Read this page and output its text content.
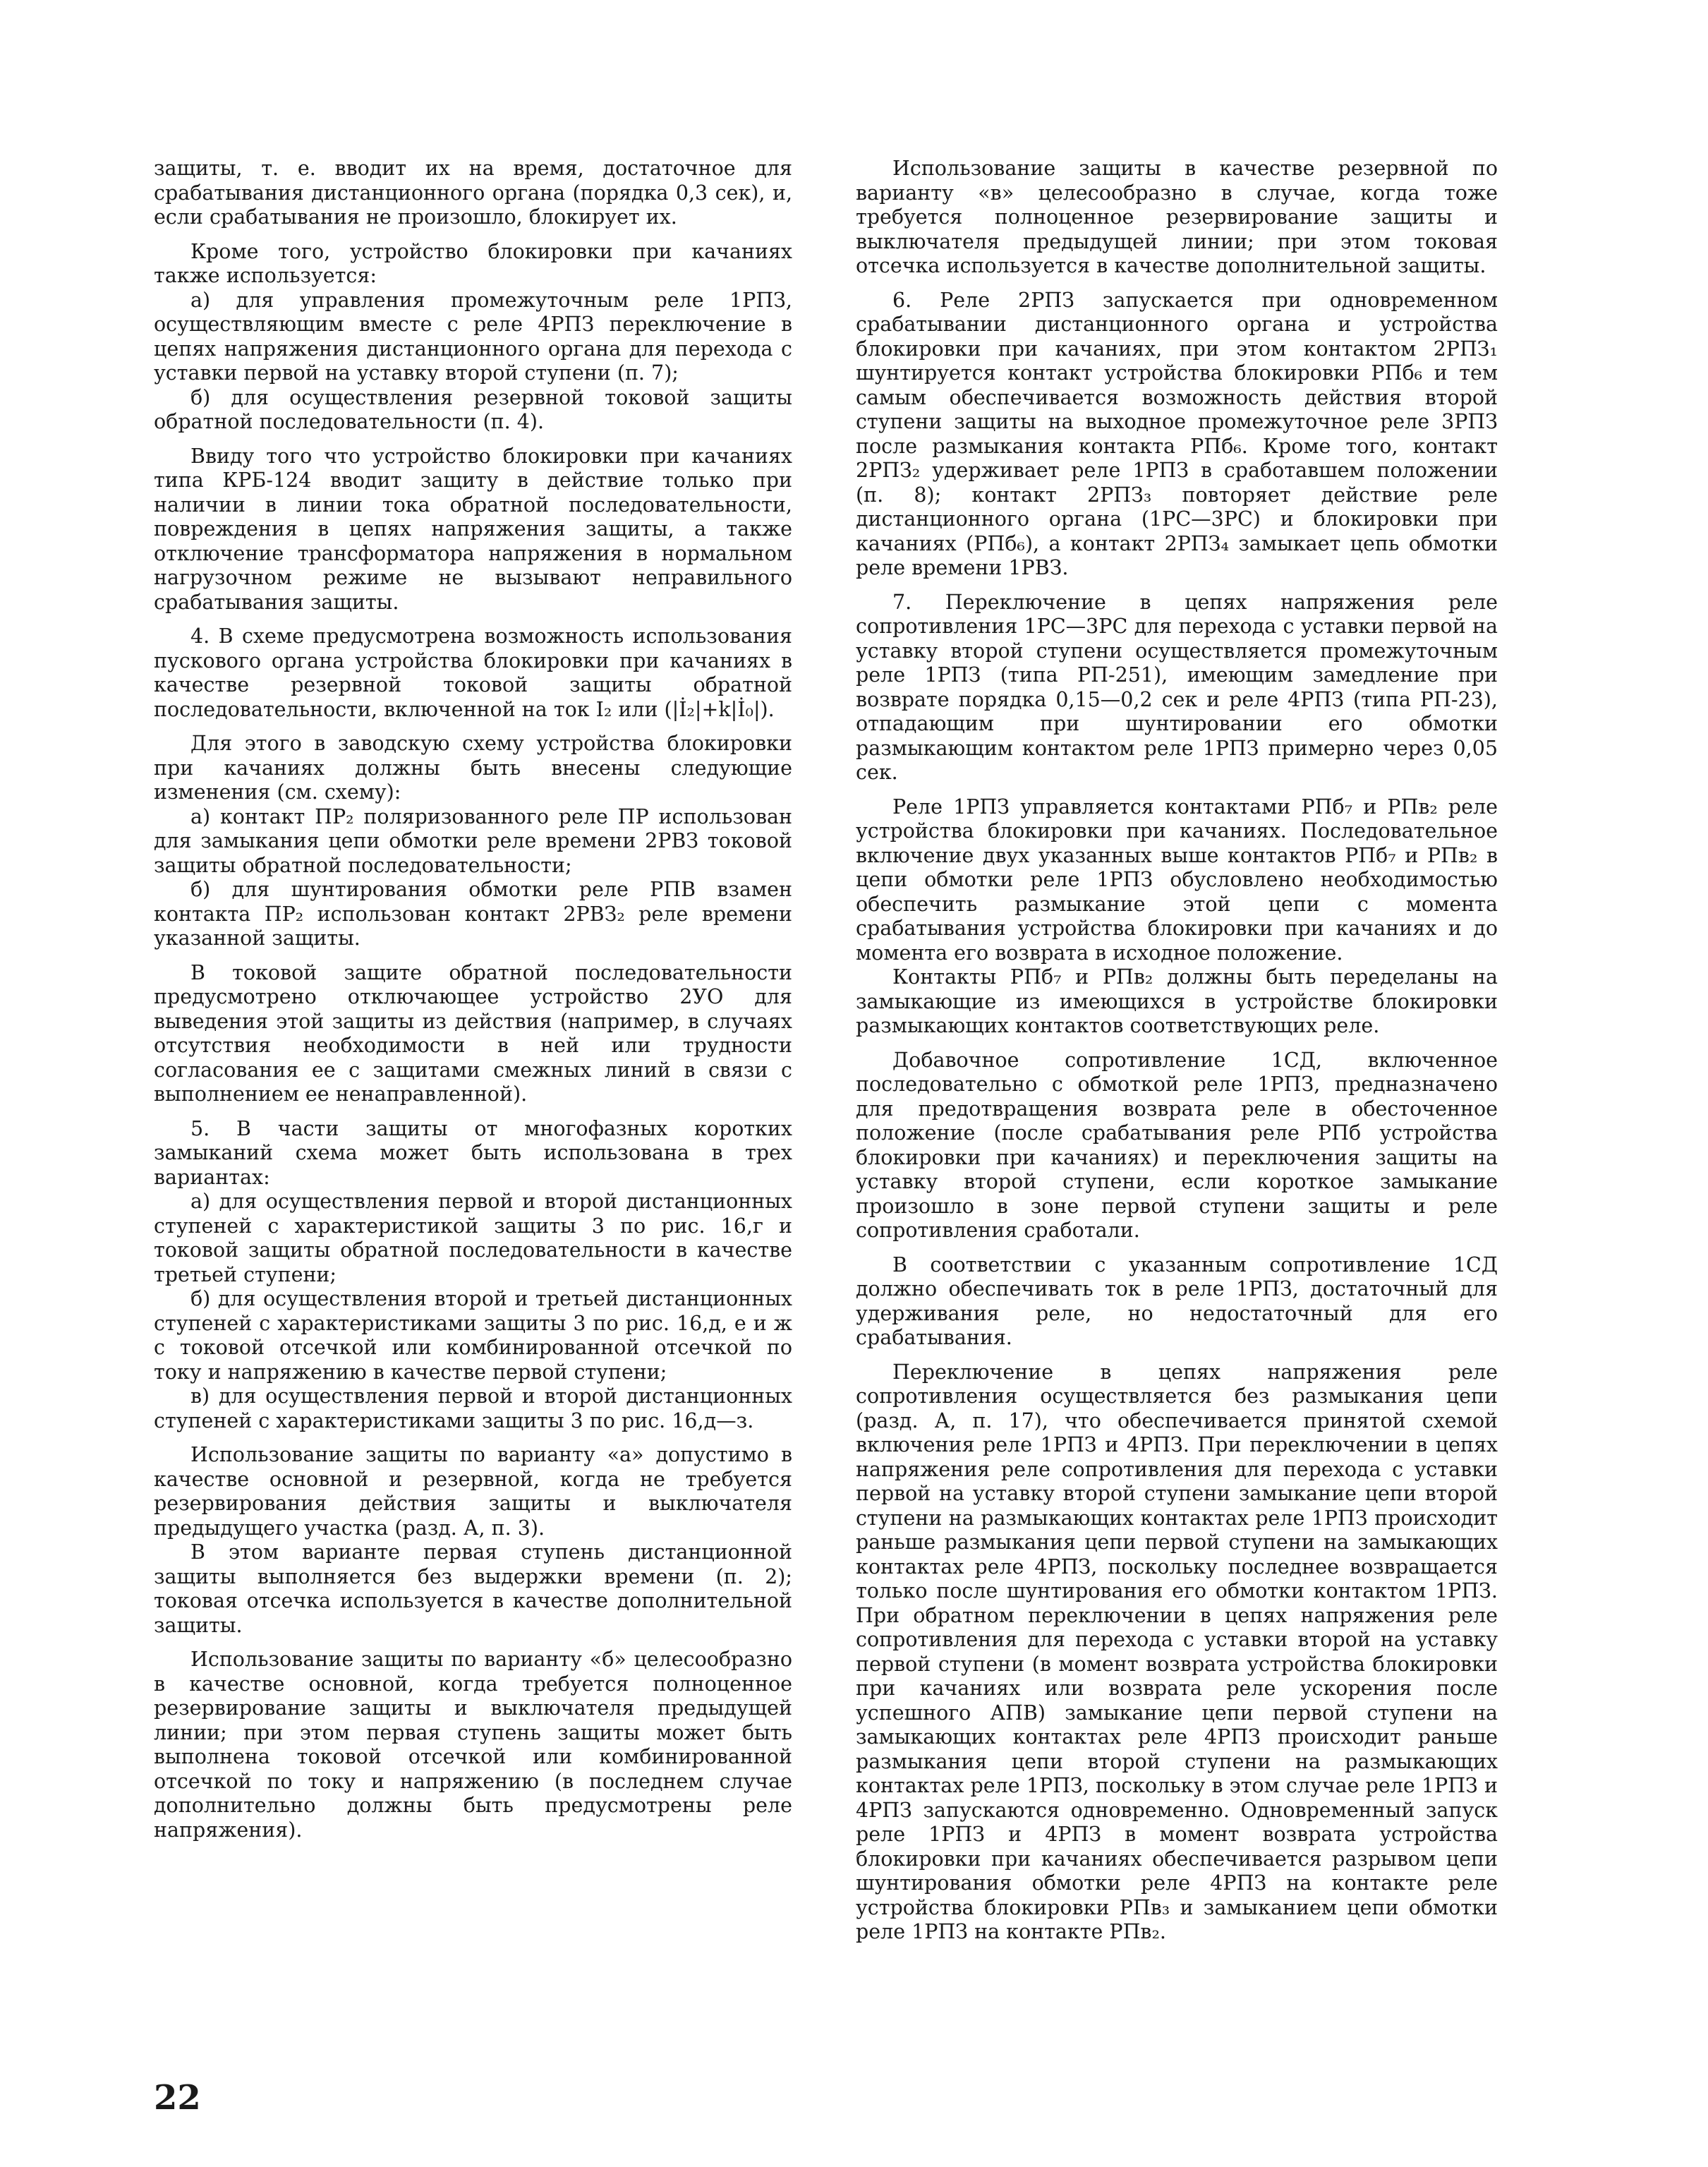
защиты, т. е. вводит их на время, достаточное для срабатывания дистанционного органа (порядка 0,3 сек), и, если срабатывания не произошло, блокирует их.

Кроме того, устройство блокировки при качаниях также используется:

а) для управления промежуточным реле 1РПЗ, осуществляющим вместе с реле 4РПЗ переключение в цепях напряжения дистанционного органа для перехода с уставки первой на уставку второй ступени (п. 7);

б) для осуществления резервной токовой защиты обратной последовательности (п. 4).

Ввиду того что устройство блокировки при качаниях типа КРБ-124 вводит защиту в действие только при наличии в линии тока обратной последовательности, повреждения в цепях напряжения защиты, а также отключение трансформатора напряжения в нормальном нагрузочном режиме не вызывают неправильного срабатывания защиты.

4. В схеме предусмотрена возможность использования пускового органа устройства блокировки при качаниях в качестве резервной токовой защиты обратной последовательности, включенной на ток I₂ или (|İ₂|+k|İ₀|).

Для этого в заводскую схему устройства блокировки при качаниях должны быть внесены следующие изменения (см. схему):

а) контакт ПР₂ поляризованного реле ПР использован для замыкания цепи обмотки реле времени 2РВЗ токовой защиты обратной последовательности;

б) для шунтирования обмотки реле РПВ взамен контакта ПР₂ использован контакт 2РВЗ₂ реле времени указанной защиты.

В токовой защите обратной последовательности предусмотрено отключающее устройство 2УО для выведения этой защиты из действия (например, в случаях отсутствия необходимости в ней или трудности согласования ее с защитами смежных линий в связи с выполнением ее ненаправленной).

5. В части защиты от многофазных коротких замыканий схема может быть использована в трех вариантах:

а) для осуществления первой и второй дистанционных ступеней с характеристикой защиты 3 по рис. 16,г и токовой защиты обратной последовательности в качестве третьей ступени;

б) для осуществления второй и третьей дистанционных ступеней с характеристиками защиты 3 по рис. 16,д, е и ж с токовой отсечкой или комбинированной отсечкой по току и напряжению в качестве первой ступени;

в) для осуществления первой и второй дистанционных ступеней с характеристиками защиты 3 по рис. 16,д—з.

Использование защиты по варианту «а» допустимо в качестве основной и резервной, когда не требуется резервирования действия защиты и выключателя предыдущего участка (разд. А, п. 3).

В этом варианте первая ступень дистанционной защиты выполняется без выдержки времени (п. 2); токовая отсечка используется в качестве дополнительной защиты.

Использование защиты по варианту «б» целесообразно в качестве основной, когда требуется полноценное резервирование защиты и выключателя предыдущей линии; при этом первая ступень защиты может быть выполнена токовой отсечкой или комбинированной отсечкой по току и напряжению (в последнем случае дополнительно должны быть предусмотрены реле напряжения).

Использование защиты в качестве резервной по варианту «в» целесообразно в случае, когда тоже требуется полноценное резервирование защиты и выключателя предыдущей линии; при этом токовая отсечка используется в качестве дополнительной защиты.

6. Реле 2РПЗ запускается при одновременном срабатывании дистанционного органа и устройства блокировки при качаниях, при этом контактом 2РПЗ₁ шунтируется контакт устройства блокировки РПб₆ и тем самым обеспечивается возможность действия второй ступени защиты на выходное промежуточное реле 3РПЗ после размыкания контакта РПб₆. Кроме того, контакт 2РПЗ₂ удерживает реле 1РПЗ в сработавшем положении (п. 8); контакт 2РПЗ₃ повторяет действие реле дистанционного органа (1РС—3РС) и блокировки при качаниях (РПб₆), а контакт 2РПЗ₄ замыкает цепь обмотки реле времени 1РВЗ.

7. Переключение в цепях напряжения реле сопротивления 1РС—3РС для перехода с уставки первой на уставку второй ступени осуществляется промежуточным реле 1РПЗ (типа РП-251), имеющим замедление при возврате порядка 0,15—0,2 сек и реле 4РПЗ (типа РП-23), отпадающим при шунтировании его обмотки размыкающим контактом реле 1РПЗ примерно через 0,05 сек.

Реле 1РПЗ управляется контактами РПб₇ и РПв₂ реле устройства блокировки при качаниях. Последовательное включение двух указанных выше контактов РПб₇ и РПв₂ в цепи обмотки реле 1РПЗ обусловлено необходимостью обеспечить размыкание этой цепи с момента срабатывания устройства блокировки при качаниях и до момента его возврата в исходное положение.

Контакты РПб₇ и РПв₂ должны быть переделаны на замыкающие из имеющихся в устройстве блокировки размыкающих контактов соответствующих реле.

Добавочное сопротивление 1СД, включенное последовательно с обмоткой реле 1РПЗ, предназначено для предотвращения возврата реле в обесточенное положение (после срабатывания реле РПб устройства блокировки при качаниях) и переключения защиты на уставку второй ступени, если короткое замыкание произошло в зоне первой ступени защиты и реле сопротивления сработали.

В соответствии с указанным сопротивление 1СД должно обеспечивать ток в реле 1РПЗ, достаточный для удерживания реле, но недостаточный для его срабатывания.

Переключение в цепях напряжения реле сопротивления осуществляется без размыкания цепи (разд. А, п. 17), что обеспечивается принятой схемой включения реле 1РПЗ и 4РПЗ. При переключении в цепях напряжения реле сопротивления для перехода с уставки первой на уставку второй ступени замыкание цепи второй ступени на размыкающих контактах реле 1РПЗ происходит раньше размыкания цепи первой ступени на замыкающих контактах реле 4РПЗ, поскольку последнее возвращается только после шунтирования его обмотки контактом 1РПЗ. При обратном переключении в цепях напряжения реле сопротивления для перехода с уставки второй на уставку первой ступени (в момент возврата устройства блокировки при качаниях или возврата реле ускорения после успешного АПВ) замыкание цепи первой ступени на замыкающих контактах реле 4РПЗ происходит раньше размыкания цепи второй ступени на размыкающих контактах реле 1РПЗ, поскольку в этом случае реле 1РПЗ и 4РПЗ запускаются одновременно. Одновременный запуск реле 1РПЗ и 4РПЗ в момент возврата устройства блокировки при качаниях обеспечивается разрывом цепи шунтирования обмотки реле 4РПЗ на контакте реле устройства блокировки РПв₃ и замыканием цепи обмотки реле 1РПЗ на контакте РПв₂.

22
